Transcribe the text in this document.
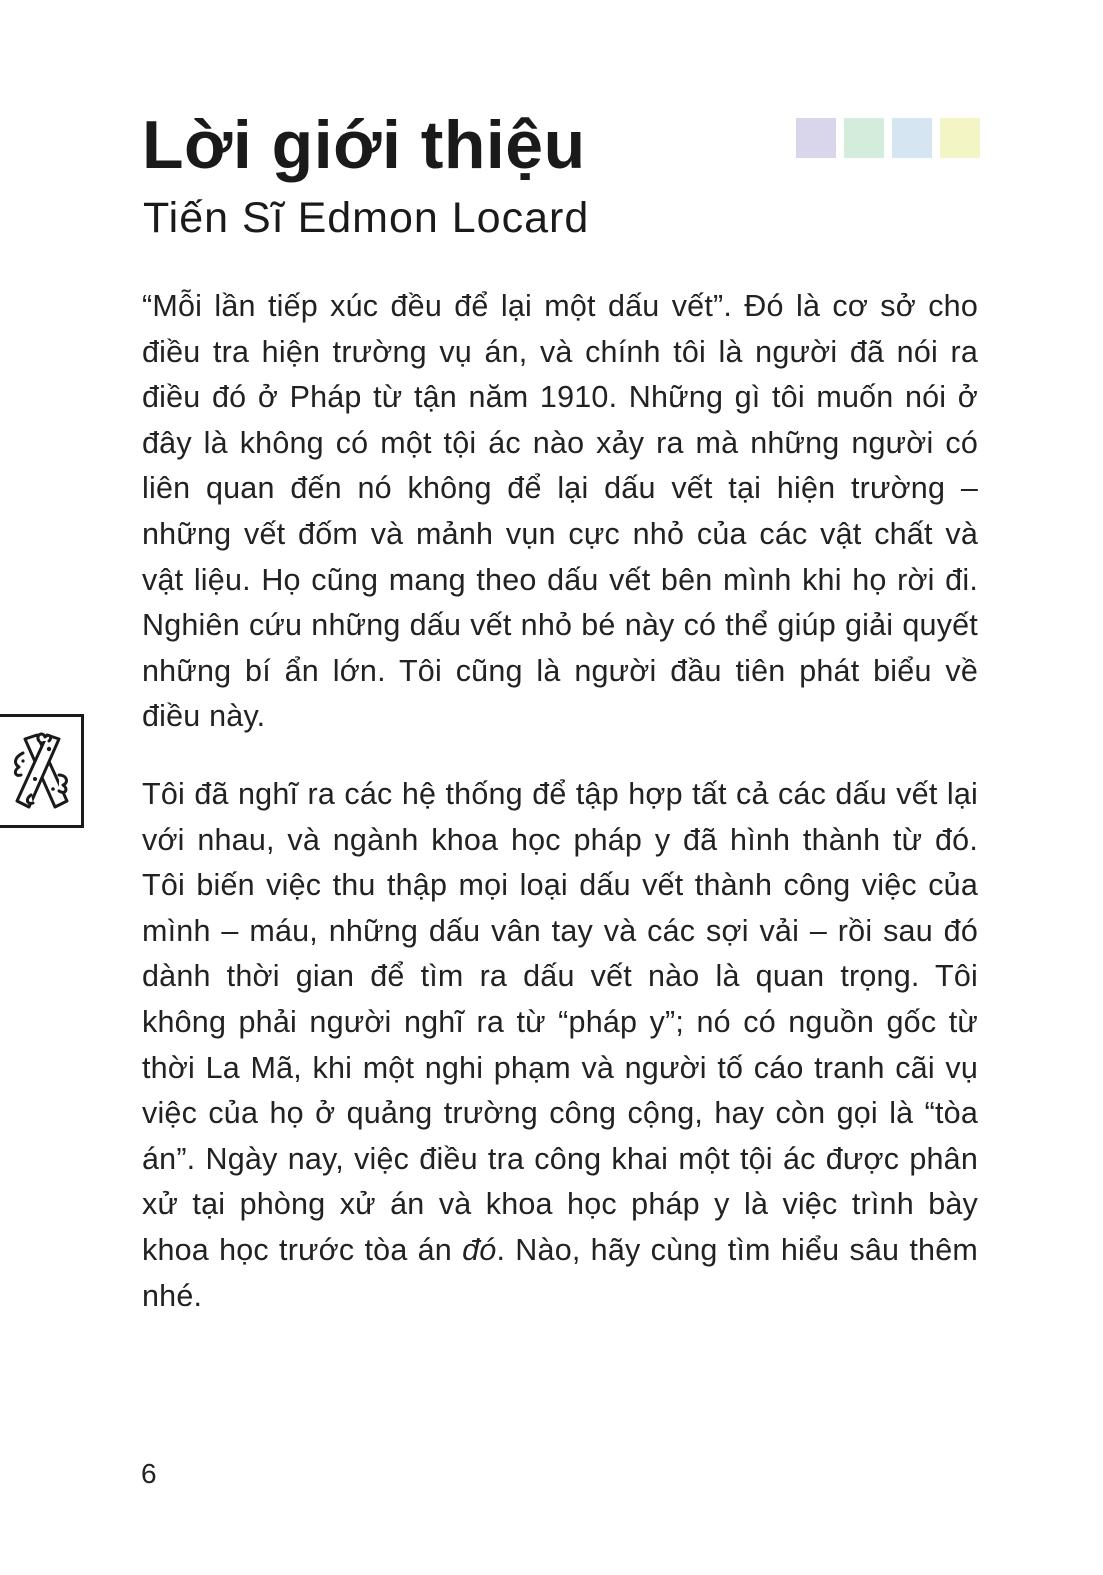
Lời giới thiệu
Tiến Sĩ Edmon Locard

“Mỗi lần tiếp xúc đều để lại một dấu vết”. Đó là cơ sở cho điều tra hiện trường vụ án, và chính tôi là người đã nói ra điều đó ở Pháp từ tận năm 1910. Những gì tôi muốn nói ở đây là không có một tội ác nào xảy ra mà những người có liên quan đến nó không để lại dấu vết tại hiện trường – những vết đốm và mảnh vụn cực nhỏ của các vật chất và vật liệu. Họ cũng mang theo dấu vết bên mình khi họ rời đi. Nghiên cứu những dấu vết nhỏ bé này có thể giúp giải quyết những bí ẩn lớn. Tôi cũng là người đầu tiên phát biểu về điều này.

Tôi đã nghĩ ra các hệ thống để tập hợp tất cả các dấu vết lại với nhau, và ngành khoa học pháp y đã hình thành từ đó. Tôi biến việc thu thập mọi loại dấu vết thành công việc của mình – máu, những dấu vân tay và các sợi vải – rồi sau đó dành thời gian để tìm ra dấu vết nào là quan trọng. Tôi không phải người nghĩ ra từ “pháp y”; nó có nguồn gốc từ thời La Mã, khi một nghi phạm và người tố cáo tranh cãi vụ việc của họ ở quảng trường công cộng, hay còn gọi là “tòa án”. Ngày nay, việc điều tra công khai một tội ác được phân xử tại phòng xử án và khoa học pháp y là việc trình bày khoa học trước tòa án đó. Nào, hãy cùng tìm hiểu sâu thêm nhé.

6
